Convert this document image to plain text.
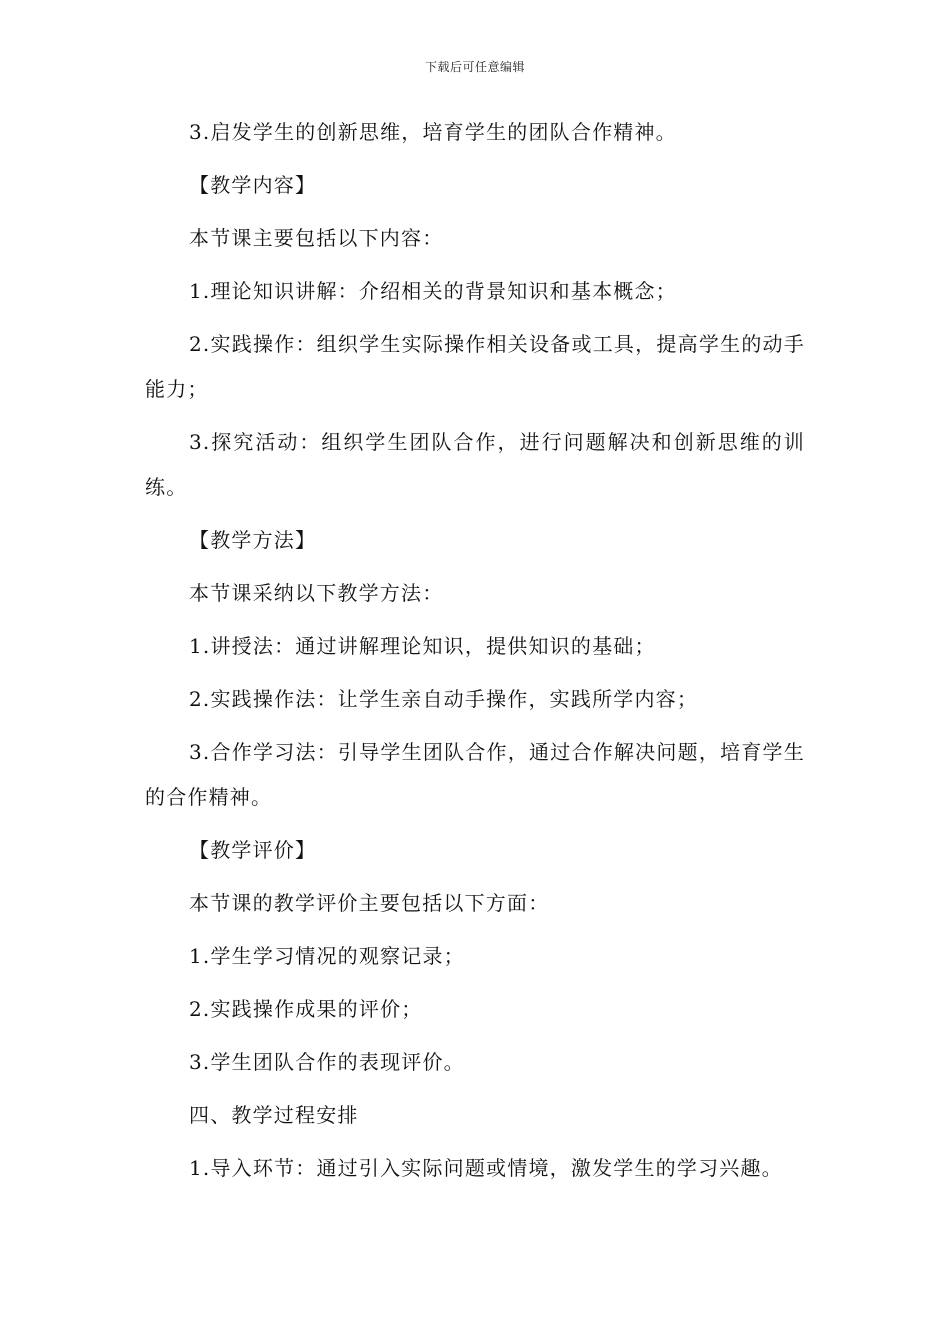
下载后可任意编辑

3.启发学生的创新思维，培育学生的团队合作精神。

【教学内容】

本节课主要包括以下内容：

1.理论知识讲解：介绍相关的背景知识和基本概念；

2.实践操作：组织学生实际操作相关设备或工具，提高学生的动手能力；

3.探究活动：组织学生团队合作，进行问题解决和创新思维的训练。

【教学方法】

本节课采纳以下教学方法：

1.讲授法：通过讲解理论知识，提供知识的基础；

2.实践操作法：让学生亲自动手操作，实践所学内容；

3.合作学习法：引导学生团队合作，通过合作解决问题，培育学生的合作精神。

【教学评价】

本节课的教学评价主要包括以下方面：

1.学生学习情况的观察记录；

2.实践操作成果的评价；

3.学生团队合作的表现评价。

四、教学过程安排

1.导入环节：通过引入实际问题或情境，激发学生的学习兴趣。
